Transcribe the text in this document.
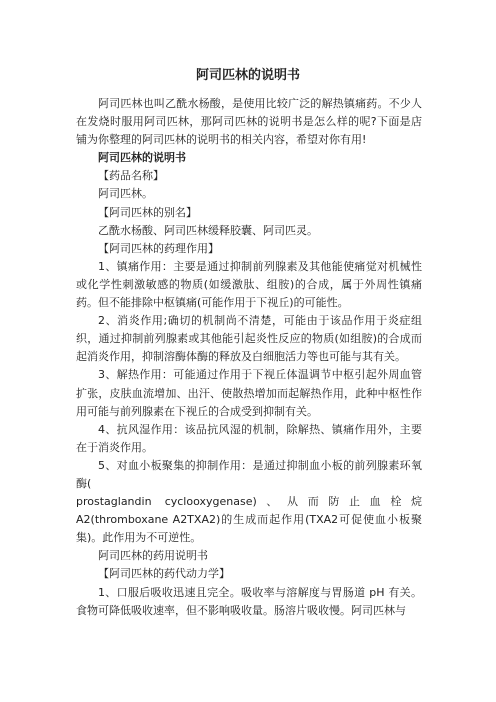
阿司匹林的说明书

阿司匹林也叫乙酰水杨酸，是使用比较广泛的解热镇痛药。不少人在发烧时服用阿司匹林，那阿司匹林的说明书是怎么样的呢?下面是店铺为你整理的阿司匹林的说明书的相关内容，希望对你有用!

阿司匹林的说明书

【药品名称】

阿司匹林。

【阿司匹林的别名】

乙酰水杨酸、阿司匹林缓释胶囊、阿司匹灵。

【阿司匹林的药理作用】

1、镇痛作用：主要是通过抑制前列腺素及其他能使痛觉对机械性或化学性刺激敏感的物质(如缓激肽、组胺)的合成，属于外周性镇痛药。但不能排除中枢镇痛(可能作用于下视丘)的可能性。

2、消炎作用;确切的机制尚不清楚，可能由于该品作用于炎症组织，通过抑制前列腺素或其他能引起炎性反应的物质(如组胺)的合成而起消炎作用，抑制溶酶体酶的释放及白细胞活力等也可能与其有关。

3、解热作用：可能通过作用于下视丘体温调节中枢引起外周血管扩张，皮肤血流增加、出汗、使散热增加而起解热作用，此种中枢性作用可能与前列腺素在下视丘的合成受到抑制有关。

4、抗风湿作用：该品抗风湿的机制，除解热、镇痛作用外，主要在于消炎作用。

5、对血小板聚集的抑制作用：是通过抑制血小板的前列腺素环氧酶(

prostaglandin cyclooxygenase)、从而防止血栓烷

A2(thromboxane A2TXA2)的生成而起作用(TXA2可促使血小板聚集)。此作用为不可逆性。

阿司匹林的药用说明书

【阿司匹林的药代动力学】

1、口服后吸收迅速且完全。吸收率与溶解度与胃肠道 pH 有关。食物可降低吸收速率，但不影响吸收量。肠溶片吸收慢。阿司匹林与
